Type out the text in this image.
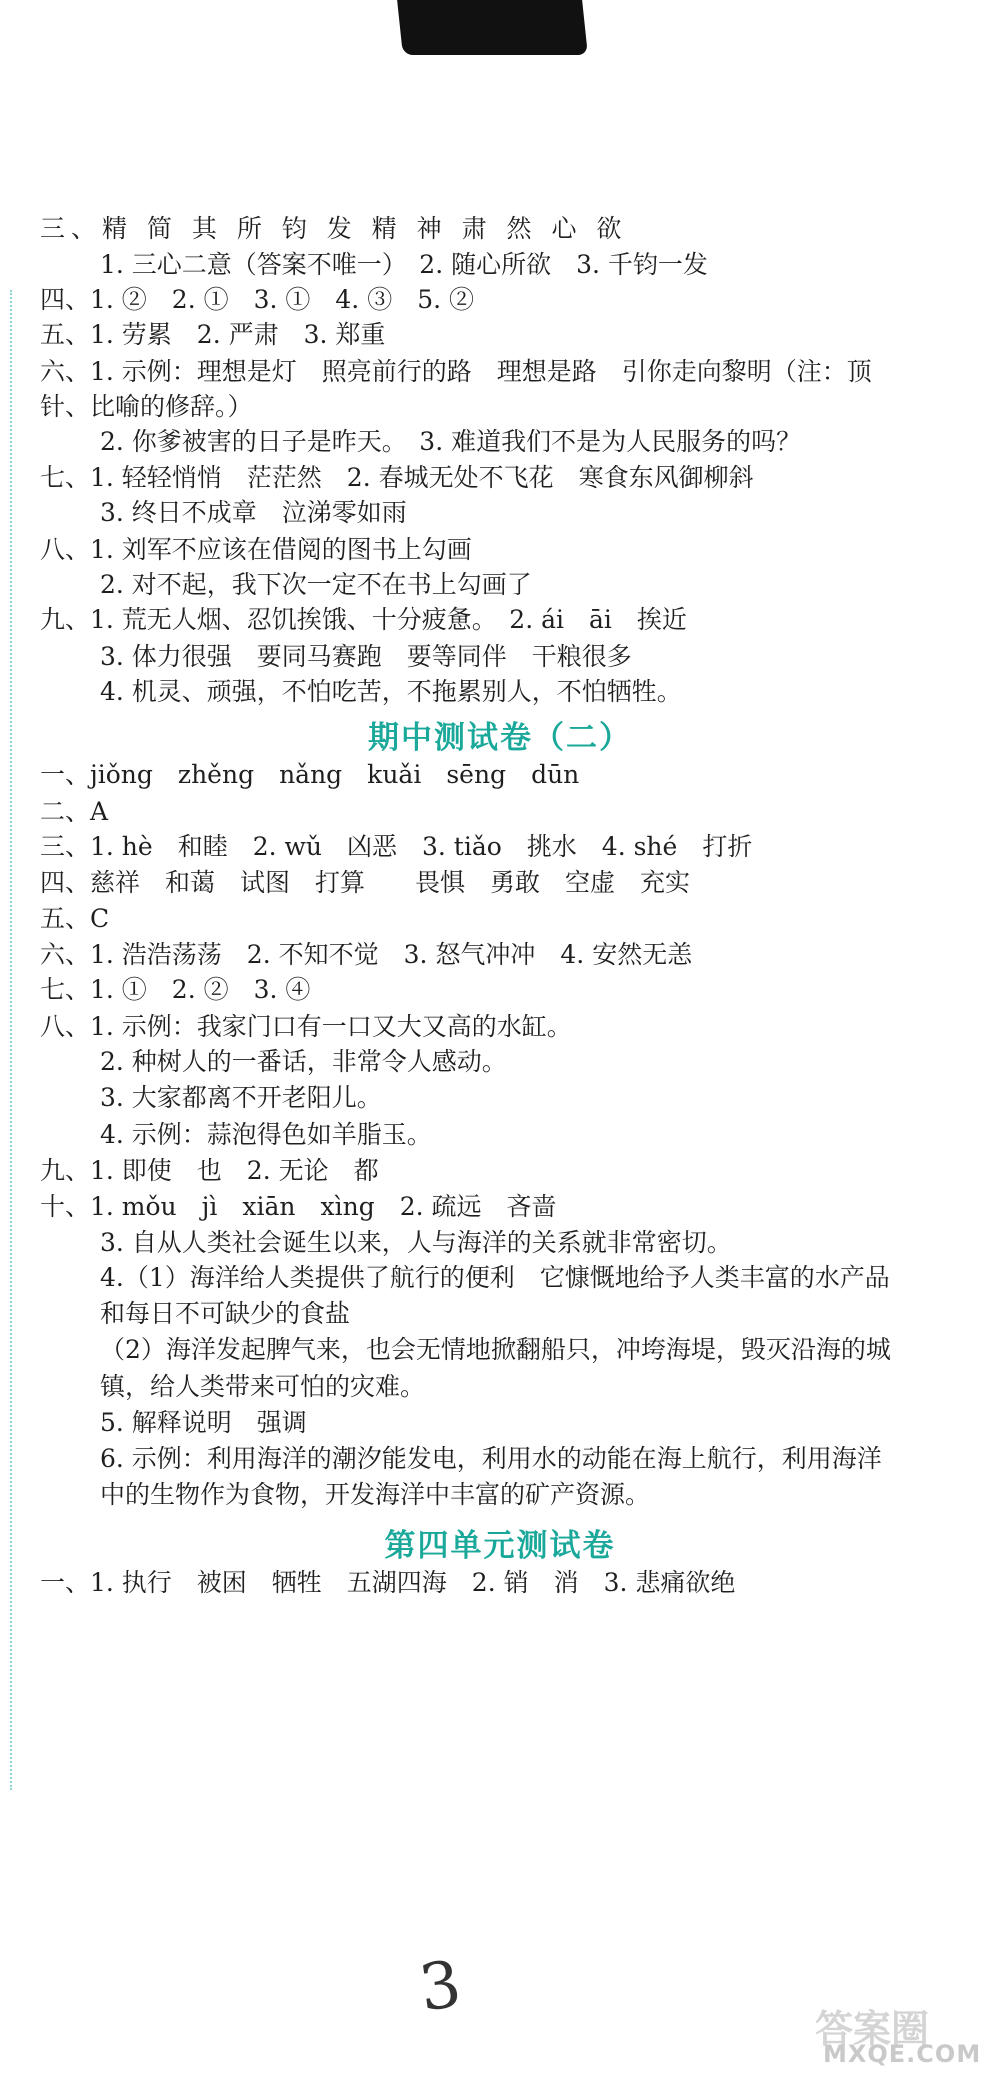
三、精 简 其 所 钧 发 精 神 肃 然 心 欲
1. 三心二意（答案不唯一）　2. 随心所欲　3. 千钧一发
四、1. ②　2. ①　3. ①　4. ③　5. ②
五、1. 劳累　2. 严肃　3. 郑重
六、1. 示例：理想是灯　照亮前行的路　理想是路　引你走向黎明（注：顶
针、比喻的修辞。）
2. 你爹被害的日子是昨天。　3. 难道我们不是为人民服务的吗？
七、1. 轻轻悄悄　茫茫然　2. 春城无处不飞花　寒食东风御柳斜
3. 终日不成章　泣涕零如雨
八、1. 刘军不应该在借阅的图书上勾画
2. 对不起，我下次一定不在书上勾画了
九、1. 荒无人烟、忍饥挨饿、十分疲惫。　2. ái　āi　挨近
3. 体力很强　要同马赛跑　要等同伴　干粮很多
4. 机灵、顽强，不怕吃苦，不拖累别人，不怕牺牲。
期中测试卷（二）
一、jiǒng　zhěng　nǎng　kuǎi　sēng　dūn
二、A
三、1. hè　和睦　2. wǔ　凶恶　3. tiǎo　挑水　4. shé　打折
四、慈祥　和蔼　试图　打算　　畏惧　勇敢　空虚　充实
五、C
六、1. 浩浩荡荡　2. 不知不觉　3. 怒气冲冲　4. 安然无恙
七、1. ①　2. ②　3. ④
八、1. 示例：我家门口有一口又大又高的水缸。
2. 种树人的一番话，非常令人感动。
3. 大家都离不开老阳儿。
4. 示例：蒜泡得色如羊脂玉。
九、1. 即使　也　2. 无论　都
十、1. mǒu　jì　xiān　xìng　2. 疏远　吝啬
3. 自从人类社会诞生以来，人与海洋的关系就非常密切。
4.（1）海洋给人类提供了航行的便利　它慷慨地给予人类丰富的水产品
和每日不可缺少的食盐
（2）海洋发起脾气来，也会无情地掀翻船只，冲垮海堤，毁灭沿海的城
镇，给人类带来可怕的灾难。
5. 解释说明　强调
6. 示例：利用海洋的潮汐能发电，利用水的动能在海上航行，利用海洋
中的生物作为食物，开发海洋中丰富的矿产资源。
第四单元测试卷
一、1. 执行　被困　牺牲　五湖四海　2. 销　消　3. 悲痛欲绝
3
答案圈
MXQE.COM
